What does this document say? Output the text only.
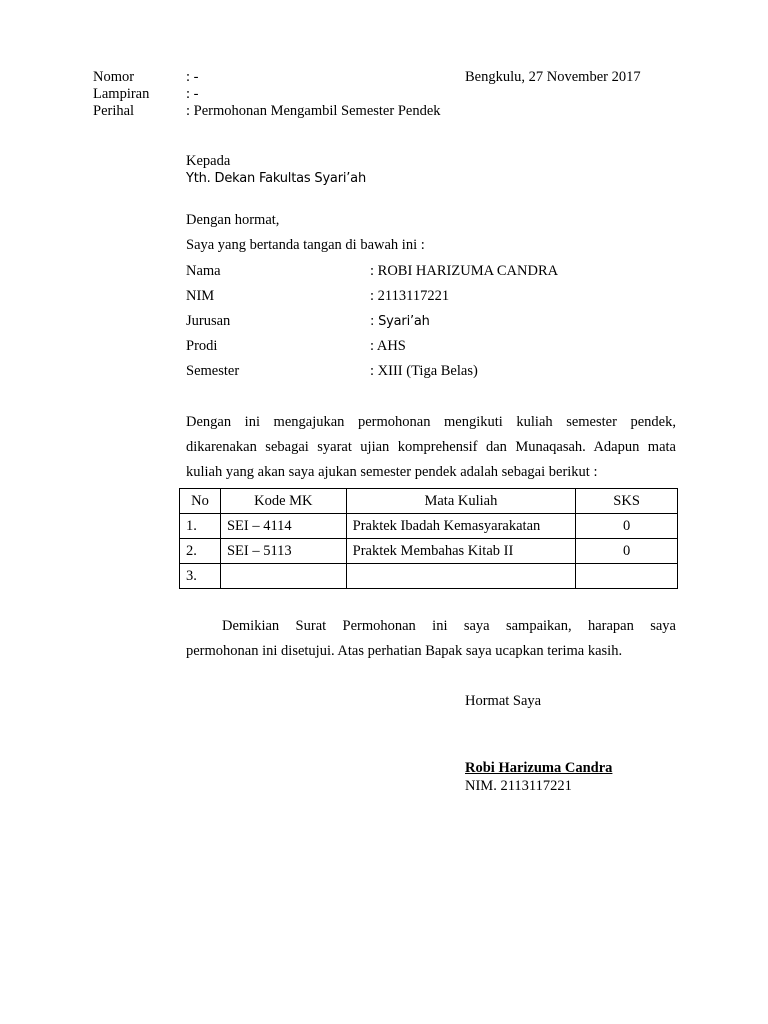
Nomor	: -	Bengkulu, 27 November 2017
Lampiran	: -
Perihal	: Permohonan Mengambil Semester Pendek
Kepada
Yth. Dekan Fakultas Syari’ah
Dengan hormat,
Saya yang bertanda tangan di bawah ini :
Nama	: ROBI HARIZUMA CANDRA
NIM	: 2113117221
Jurusan	: Syari’ah
Prodi	: AHS
Semester	: XIII (Tiga Belas)
Dengan ini mengajukan permohonan mengikuti kuliah semester pendek,
dikarenakan sebagai syarat ujian komprehensif dan Munaqasah. Adapun mata
kuliah yang akan saya ajukan semester pendek adalah sebagai berikut :
No	Kode MK	Mata Kuliah	SKS
1.	SEI – 4114	Praktek Ibadah Kemasyarakatan	0
2.	SEI – 5113	Praktek Membahas Kitab II	0
3.			
Demikian Surat Permohonan ini saya sampaikan, harapan saya
permohonan ini disetujui. Atas perhatian Bapak saya ucapkan terima kasih.
Hormat Saya
Robi Harizuma Candra
NIM. 2113117221
